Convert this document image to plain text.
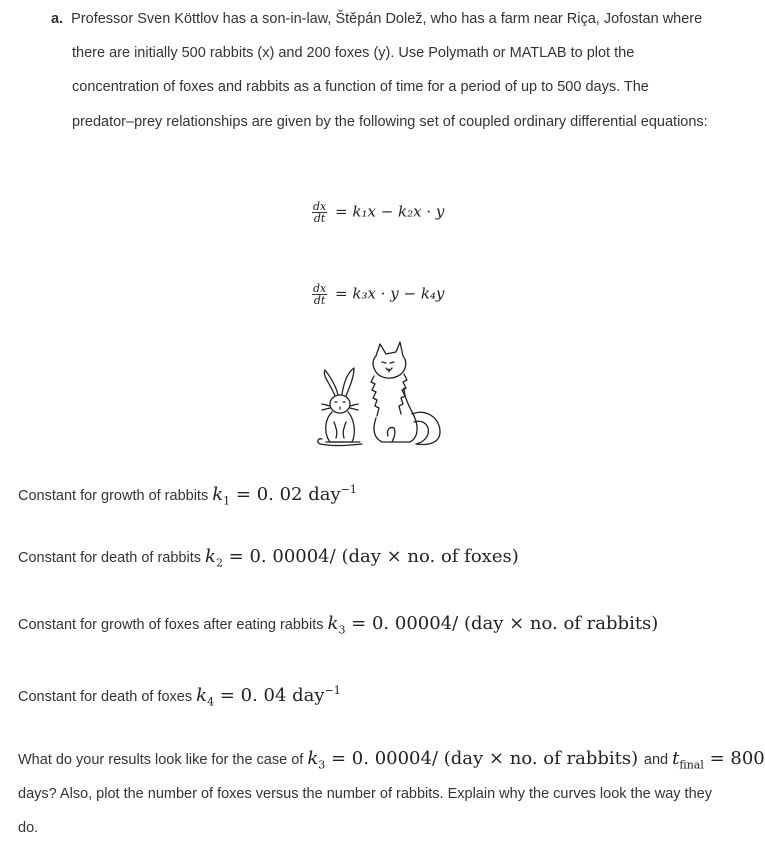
a. Professor Sven Köttlov has a son-in-law, Štěpán Dolež, who has a farm near Riça, Jofostan where
there are initially 500 rabbits (x) and 200 foxes (y). Use Polymath or MATLAB to plot the
concentration of foxes and rabbits as a function of time for a period of up to 500 days. The
predator–prey relationships are given by the following set of coupled ordinary differential equations:
$\frac{dx}{dt} = k_1x - k_2x \cdot y$
$\frac{dx}{dt} = k_3x \cdot y - k_4y$
Constant for growth of rabbits $k_1 = 0$. 02 day$^{-1}$
Constant for death of rabbits $k_2 = 0$. 00004/ (day × no. of foxes)
Constant for growth of foxes after eating rabbits $k_3 = 0$. 00004/ (day × no. of rabbits)
Constant for death of foxes $k_4 = 0$. 04 day$^{-1}$
What do your results look like for the case of $k_3 = 0$. 00004/ (day × no. of rabbits) and $t_{final} = 800$
days? Also, plot the number of foxes versus the number of rabbits. Explain why the curves look the way they
do.
